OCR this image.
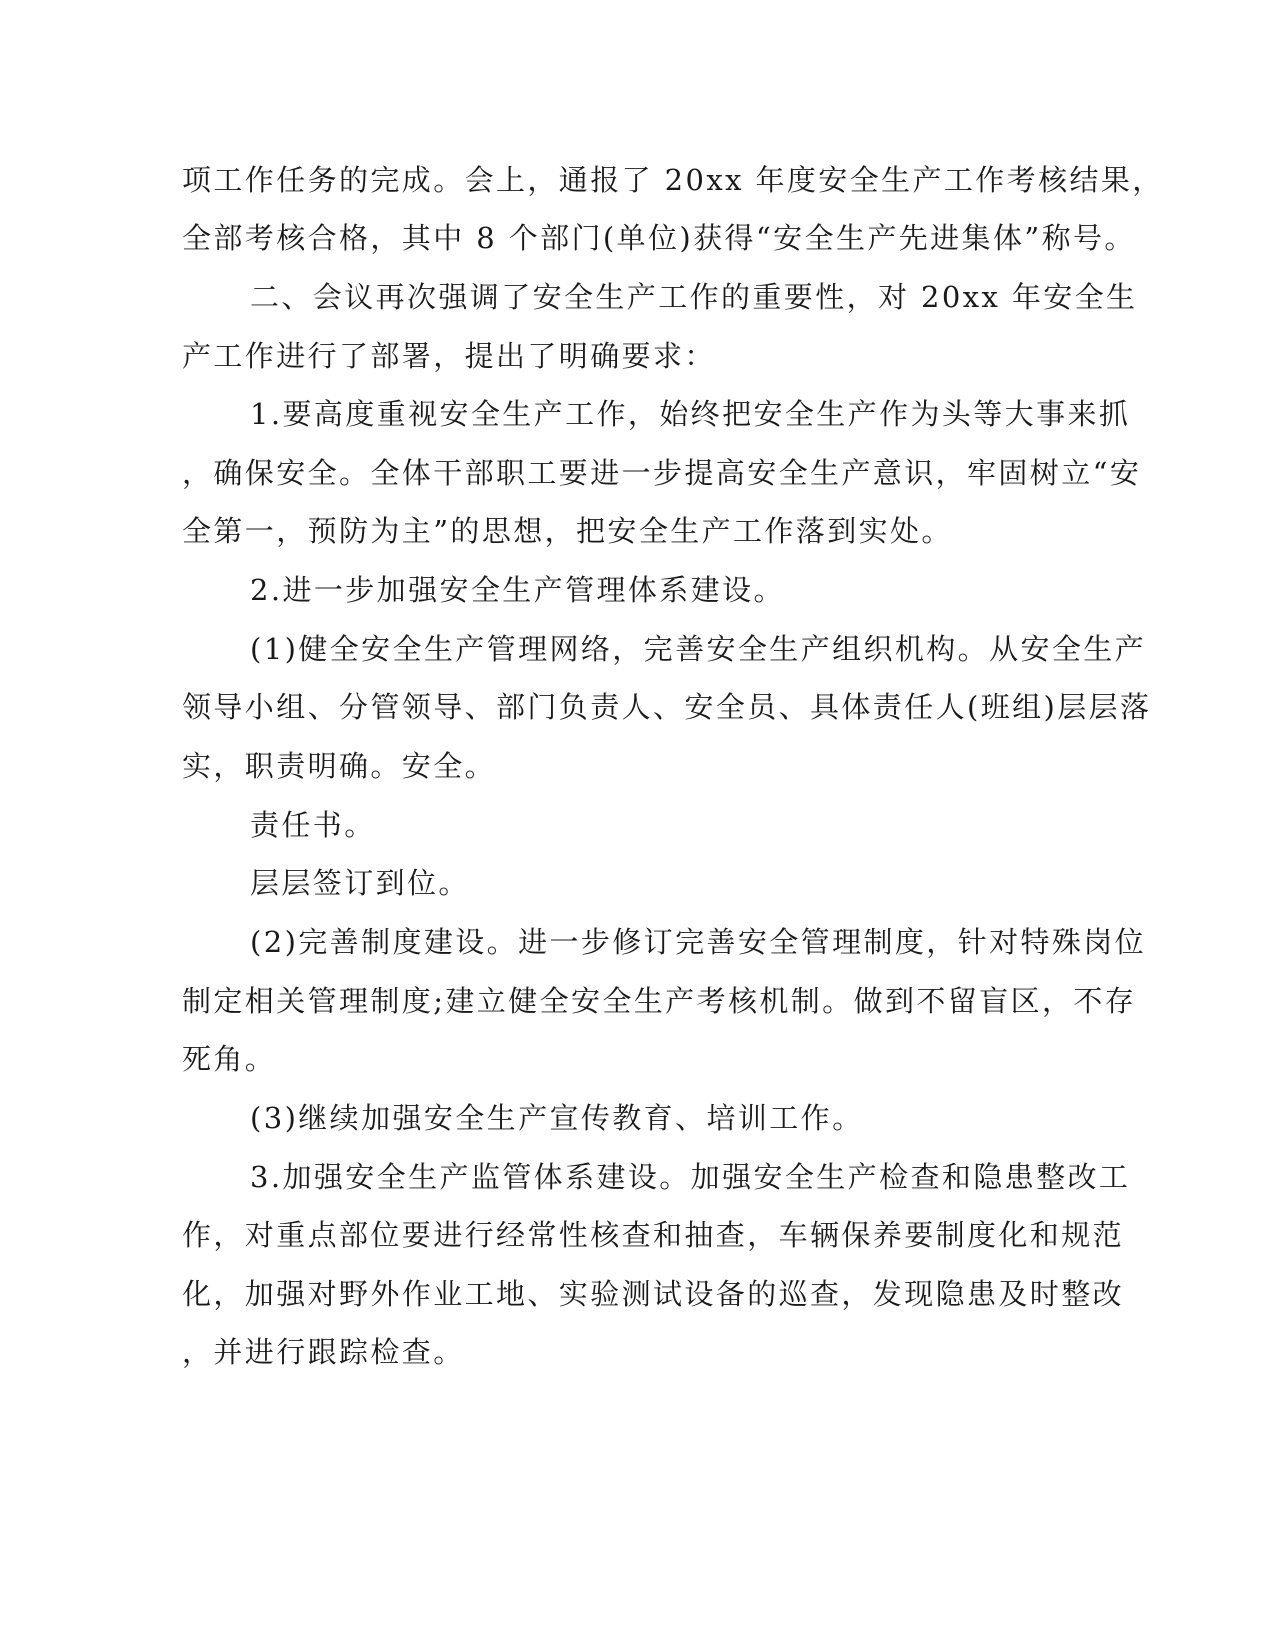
项工作任务的完成。会上，通报了 20xx 年度安全生产工作考核结果，
全部考核合格，其中 8 个部门(单位)获得“安全生产先进集体”称号。
二、会议再次强调了安全生产工作的重要性，对 20xx 年安全生
产工作进行了部署，提出了明确要求：
1.要高度重视安全生产工作，始终把安全生产作为头等大事来抓
，确保安全。全体干部职工要进一步提高安全生产意识，牢固树立“安
全第一，预防为主”的思想，把安全生产工作落到实处。
2.进一步加强安全生产管理体系建设。
(1)健全安全生产管理网络，完善安全生产组织机构。从安全生产
领导小组、分管领导、部门负责人、安全员、具体责任人(班组)层层落
实，职责明确。安全。
责任书。
层层签订到位。
(2)完善制度建设。进一步修订完善安全管理制度，针对特殊岗位
制定相关管理制度;建立健全安全生产考核机制。做到不留盲区，不存
死角。
(3)继续加强安全生产宣传教育、培训工作。
3.加强安全生产监管体系建设。加强安全生产检查和隐患整改工
作，对重点部位要进行经常性核查和抽查，车辆保养要制度化和规范
化，加强对野外作业工地、实验测试设备的巡查，发现隐患及时整改
，并进行跟踪检查。
